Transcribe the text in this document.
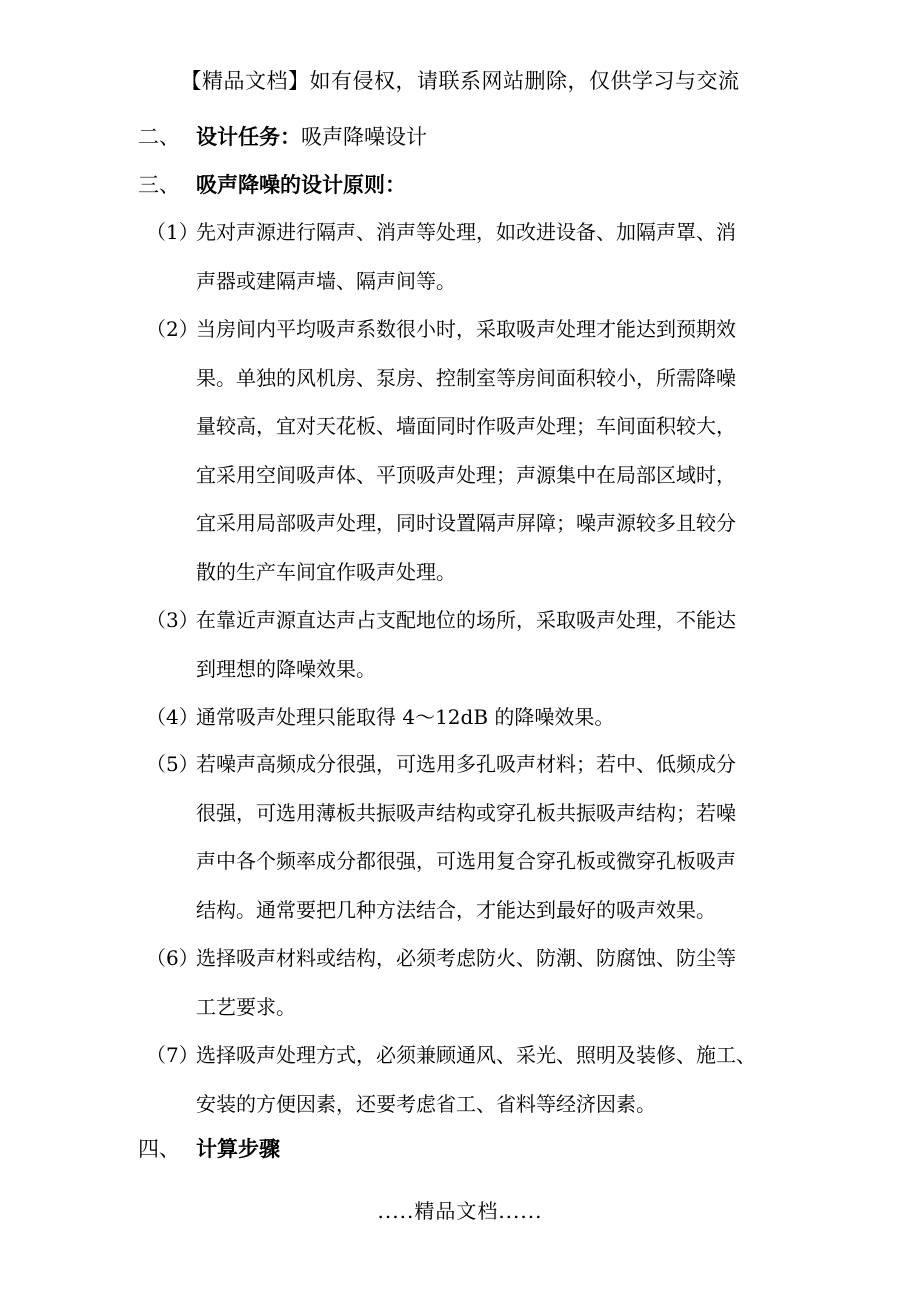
【精品文档】如有侵权，请联系网站删除，仅供学习与交流
二、 设计任务：吸声降噪设计
三、 吸声降噪的设计原则：
（1）
先对声源进行隔声、消声等处理，如改进设备、加隔声罩、消
声器或建隔声墙、隔声间等。
（2）
当房间内平均吸声系数很小时，采取吸声处理才能达到预期效
果。单独的风机房、泵房、控制室等房间面积较小，所需降噪
量较高，宜对天花板、墙面同时作吸声处理；车间面积较大，
宜采用空间吸声体、平顶吸声处理；声源集中在局部区域时，
宜采用局部吸声处理，同时设置隔声屏障；噪声源较多且较分
散的生产车间宜作吸声处理。
（3）
在靠近声源直达声占支配地位的场所，采取吸声处理，不能达
到理想的降噪效果。
（4）
通常吸声处理只能取得 4～12dB 的降噪效果。
（5）
若噪声高频成分很强，可选用多孔吸声材料；若中、低频成分
很强，可选用薄板共振吸声结构或穿孔板共振吸声结构；若噪
声中各个频率成分都很强，可选用复合穿孔板或微穿孔板吸声
结构。通常要把几种方法结合，才能达到最好的吸声效果。
（6）
选择吸声材料或结构，必须考虑防火、防潮、防腐蚀、防尘等
工艺要求。
（7）
选择吸声处理方式，必须兼顾通风、采光、照明及装修、施工、
安装的方便因素，还要考虑省工、省料等经济因素。
四、 计算步骤
.....精品文档......
